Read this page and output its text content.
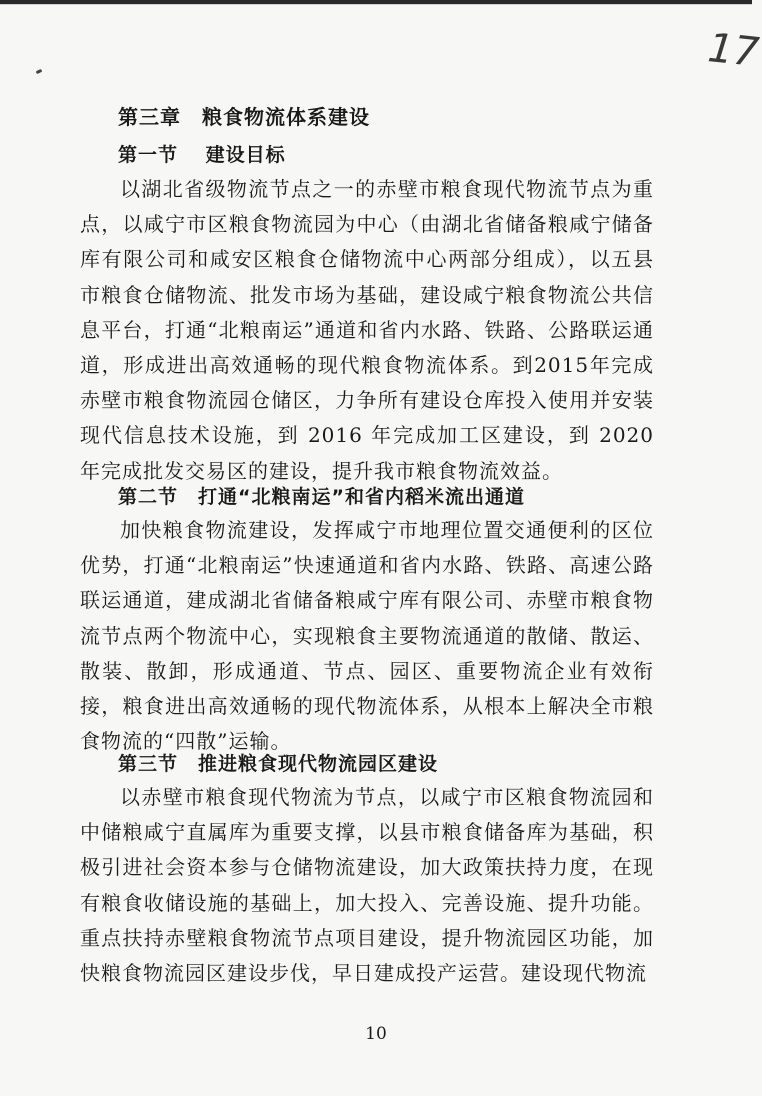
17
第三章　粮食物流体系建设
第一节　 建设目标
以湖北省级物流节点之一的赤壁市粮食现代物流节点为重点，以咸宁市区粮食物流园为中心（由湖北省储备粮咸宁储备库有限公司和咸安区粮食仓储物流中心两部分组成），以五县市粮食仓储物流、批发市场为基础，建设咸宁粮食物流公共信息平台，打通“北粮南运”通道和省内水路、铁路、公路联运通道，形成进出高效通畅的现代粮食物流体系。到2015年完成赤壁市粮食物流园仓储区，力争所有建设仓库投入使用并安装现代信息技术设施，到 2016 年完成加工区建设，到 2020 年完成批发交易区的建设，提升我市粮食物流效益。
第二节　打通“北粮南运”和省内稻米流出通道
加快粮食物流建设，发挥咸宁市地理位置交通便利的区位优势，打通“北粮南运”快速通道和省内水路、铁路、高速公路联运通道，建成湖北省储备粮咸宁库有限公司、赤壁市粮食物流节点两个物流中心，实现粮食主要物流通道的散储、散运、散装、散卸，形成通道、节点、园区、重要物流企业有效衔接，粮食进出高效通畅的现代物流体系，从根本上解决全市粮食物流的“四散”运输。
第三节　推进粮食现代物流园区建设
以赤壁市粮食现代物流为节点，以咸宁市区粮食物流园和中储粮咸宁直属库为重要支撑，以县市粮食储备库为基础，积极引进社会资本参与仓储物流建设，加大政策扶持力度，在现有粮食收储设施的基础上，加大投入、完善设施、提升功能。重点扶持赤壁粮食物流节点项目建设，提升物流园区功能，加快粮食物流园区建设步伐，早日建成投产运营。建设现代物流
10
